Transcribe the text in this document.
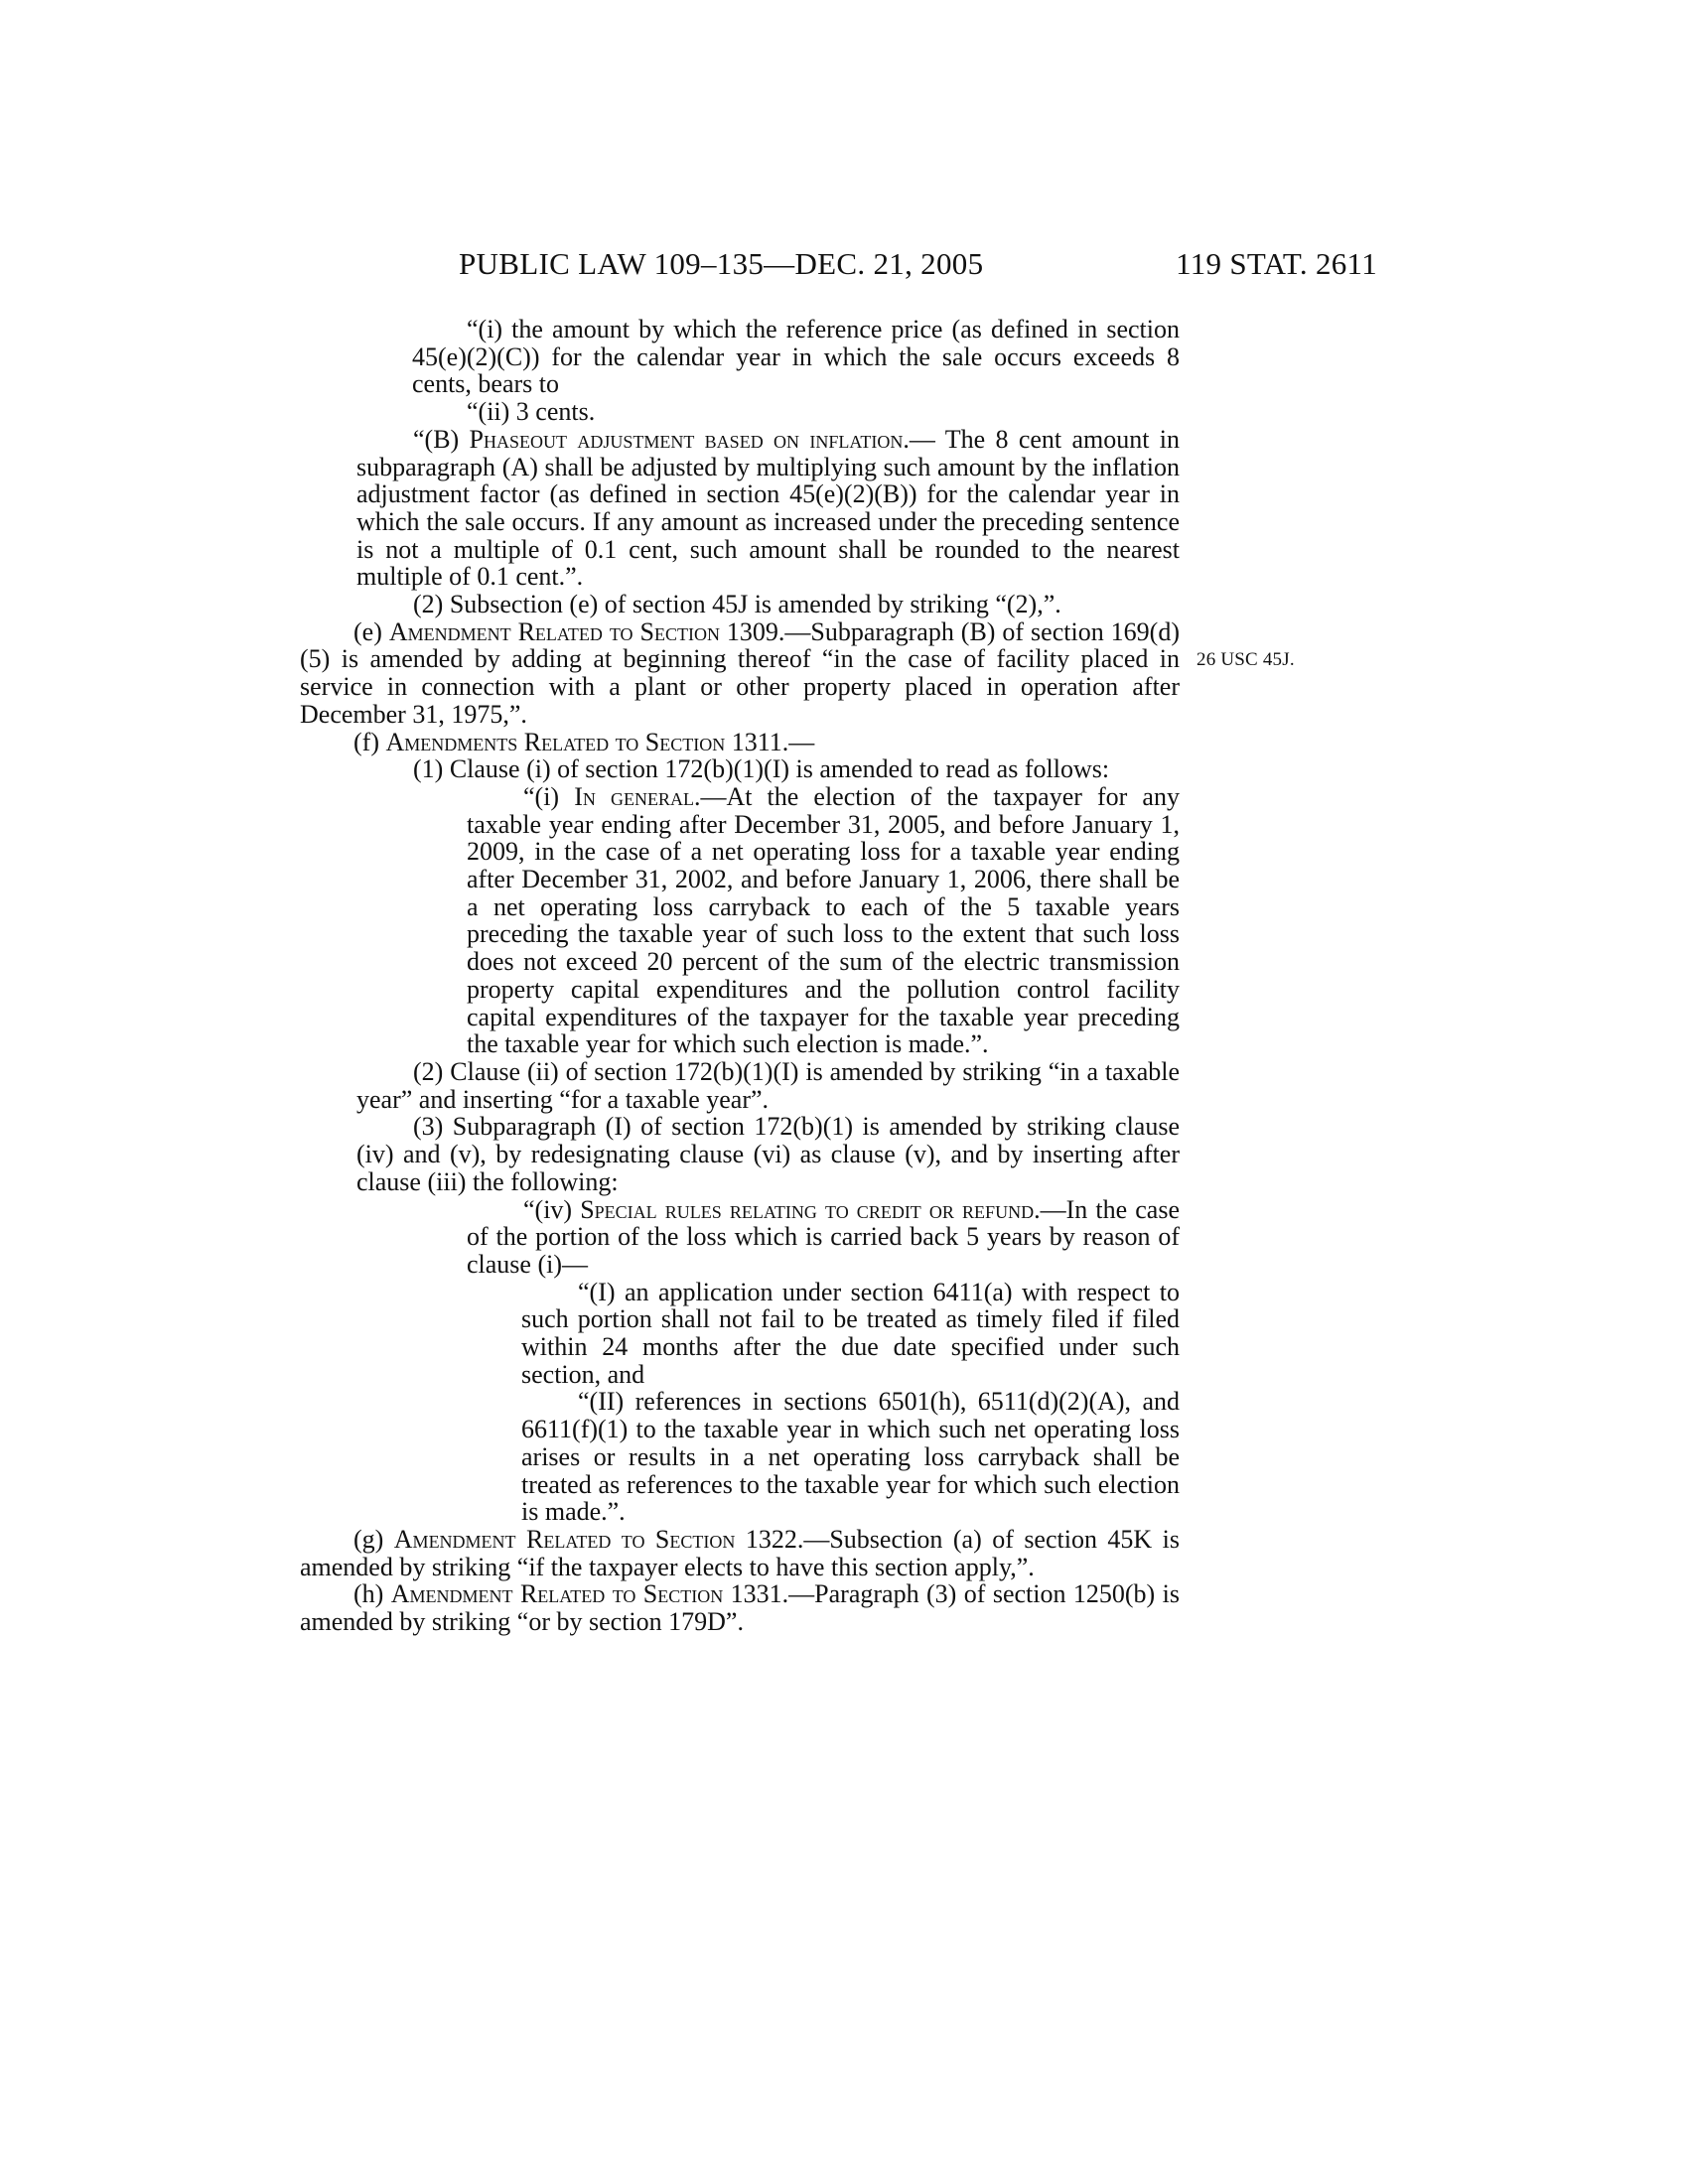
PUBLIC LAW 109–135—DEC. 21, 2005	119 STAT. 2611
26 USC 45J.

“(i) the amount by which the reference price (as defined in section 45(e)(2)(C)) for the calendar year in which the sale occurs exceeds 8 cents, bears to

“(ii) 3 cents.

“(B) Phaseout adjustment based on inflation.— The 8 cent amount in subparagraph (A) shall be adjusted by multiplying such amount by the inflation adjustment factor (as defined in section 45(e)(2)(B)) for the calendar year in which the sale occurs. If any amount as increased under the preceding sentence is not a multiple of 0.1 cent, such amount shall be rounded to the nearest multiple of 0.1 cent.”.

(2) Subsection (e) of section 45J is amended by striking “(2),”.

(e) Amendment Related to Section 1309.—Subparagraph (B) of section 169(d)(5) is amended by adding at beginning thereof “in the case of facility placed in service in connection with a plant or other property placed in operation after December 31, 1975,”.

(f) Amendments Related to Section 1311.—

(1) Clause (i) of section 172(b)(1)(I) is amended to read as follows:

“(i) In general.—At the election of the taxpayer for any taxable year ending after December 31, 2005, and before January 1, 2009, in the case of a net operating loss for a taxable year ending after December 31, 2002, and before January 1, 2006, there shall be a net operating loss carryback to each of the 5 taxable years preceding the taxable year of such loss to the extent that such loss does not exceed 20 percent of the sum of the electric transmission property capital expenditures and the pollution control facility capital expenditures of the taxpayer for the taxable year preceding the taxable year for which such election is made.”.

(2) Clause (ii) of section 172(b)(1)(I) is amended by striking “in a taxable year” and inserting “for a taxable year”.

(3) Subparagraph (I) of section 172(b)(1) is amended by striking clause (iv) and (v), by redesignating clause (vi) as clause (v), and by inserting after clause (iii) the following:

“(iv) Special rules relating to credit or refund.—In the case of the portion of the loss which is carried back 5 years by reason of clause (i)—

“(I) an application under section 6411(a) with respect to such portion shall not fail to be treated as timely filed if filed within 24 months after the due date specified under such section, and

“(II) references in sections 6501(h), 6511(d)(2)(A), and 6611(f)(1) to the taxable year in which such net operating loss arises or results in a net operating loss carryback shall be treated as references to the taxable year for which such election is made.”.

(g) Amendment Related to Section 1322.—Subsection (a) of section 45K is amended by striking “if the taxpayer elects to have this section apply,”.

(h) Amendment Related to Section 1331.—Paragraph (3) of section 1250(b) is amended by striking “or by section 179D”.
